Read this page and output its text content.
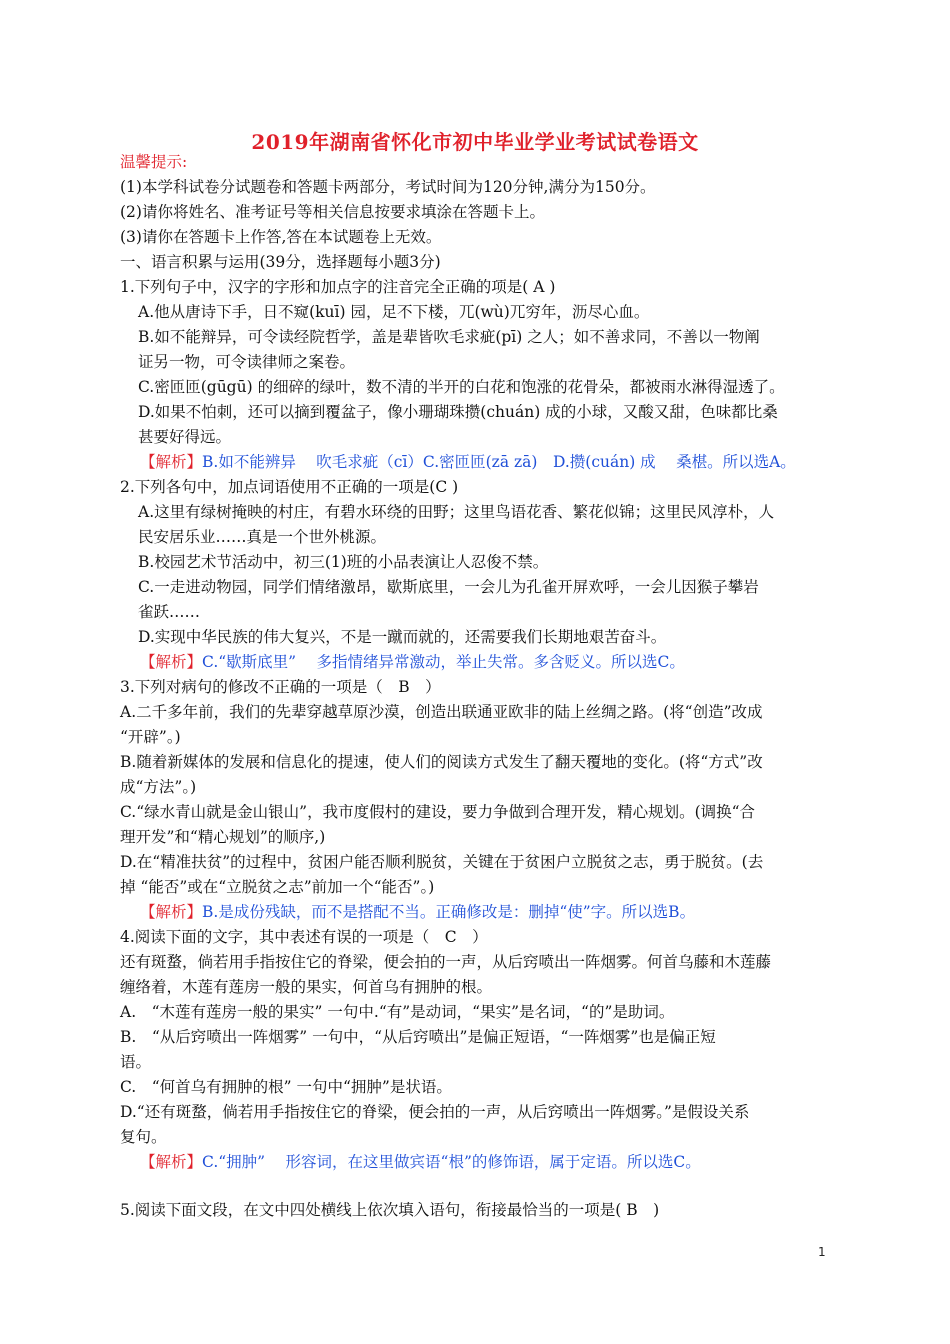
2019年湖南省怀化市初中毕业学业考试试卷语文
温馨提示:
(1)本学科试卷分试题卷和答题卡两部分，考试时间为120分钟,满分为150分。
(2)请你将姓名、准考证号等相关信息按要求填涂在答题卡上。
(3)请你在答题卡上作答,答在本试题卷上无效。
一、语言积累与运用(39分，选择题每小题3分)
1.下列句子中，汉字的字形和加点字的注音完全正确的项是( A )
A.他从唐诗下手，日不窥(kuī) 园，足不下楼，兀(wù)兀穷年，沥尽心血。
B.如不能辩异，可令读经院哲学，盖是辈皆吹毛求疵(pī) 之人；如不善求同，不善以一物阐
证另一物，可令读律师之案卷。
C.密匝匝(gūgū) 的细碎的绿叶，数不清的半开的白花和饱涨的花骨朵，都被雨水淋得湿透了。
D.如果不怕刺，还可以摘到覆盆子，像小珊瑚珠攒(chuán) 成的小球，又酸又甜，色味都比桑
甚要好得远。
【解析】B.如不能辨异　 吹毛求疵（cī）C.密匝匝(zā zā)　D.攒(cuán) 成　 桑椹。所以选A。
2.下列各句中，加点词语使用不正确的一项是(C )
A.这里有绿树掩映的村庄，有碧水环绕的田野；这里鸟语花香、繁花似锦；这里民风淳朴，人
民安居乐业……真是一个世外桃源。
B.校园艺术节活动中，初三(1)班的小品表演让人忍俊不禁。
C.一走进动物园，同学们情绪激昂，歇斯底里，一会儿为孔雀开屏欢呼，一会儿因猴子攀岩
雀跃……
D.实现中华民族的伟大复兴，不是一蹴而就的，还需要我们长期地艰苦奋斗。
【解析】C.“歇斯底里”　 多指情绪异常激动，举止失常。多含贬义。所以选C。
3.下列对病句的修改不正确的一项是（　B　）
A.二千多年前，我们的先辈穿越草原沙漠，创造出联通亚欧非的陆上丝绸之路。(将“创造”改成
“开辟”。)
B.随着新媒体的发展和信息化的提速，使人们的阅读方式发生了翻天覆地的变化。(将“方式”改
成“方法”。)
C.“绿水青山就是金山银山”，我市度假村的建设，要力争做到合理开发，精心规划。(调换“合
理开发”和“精心规划”的顺序,)
D.在“精准扶贫”的过程中，贫困户能否顺利脱贫，关键在于贫困户立脱贫之志，勇于脱贫。(去
掉 “能否”或在“立脱贫之志”前加一个“能否”。)
【解析】B.是成份残缺，而不是搭配不当。正确修改是：删掉“使”字。所以选B。
4.阅读下面的文字，其中表述有误的一项是（　C　）
还有斑蝥，倘若用手指按住它的脊梁，便会拍的一声，从后窍喷出一阵烟雾。何首乌藤和木莲藤
缠络着，木莲有莲房一般的果实，何首乌有拥肿的根。
A.　“木莲有莲房一般的果实” 一句中.“有”是动词，“果实”是名词，“的”是助词。
B.　“从后窍喷出一阵烟雾” 一句中，“从后窍喷出”是偏正短语，“一阵烟雾”也是偏正短
语。
C.　“何首乌有拥肿的根” 一句中“拥肿”是状语。
D.“还有斑蝥，倘若用手指按住它的脊梁，便会拍的一声，从后窍喷出一阵烟雾。”是假设关系
复句。
【解析】C.“拥肿”　 形容词，在这里做宾语“根”的修饰语，属于定语。所以选C。
5.阅读下面文段，在文中四处横线上依次填入语句，衔接最恰当的一项是( B　)
1
